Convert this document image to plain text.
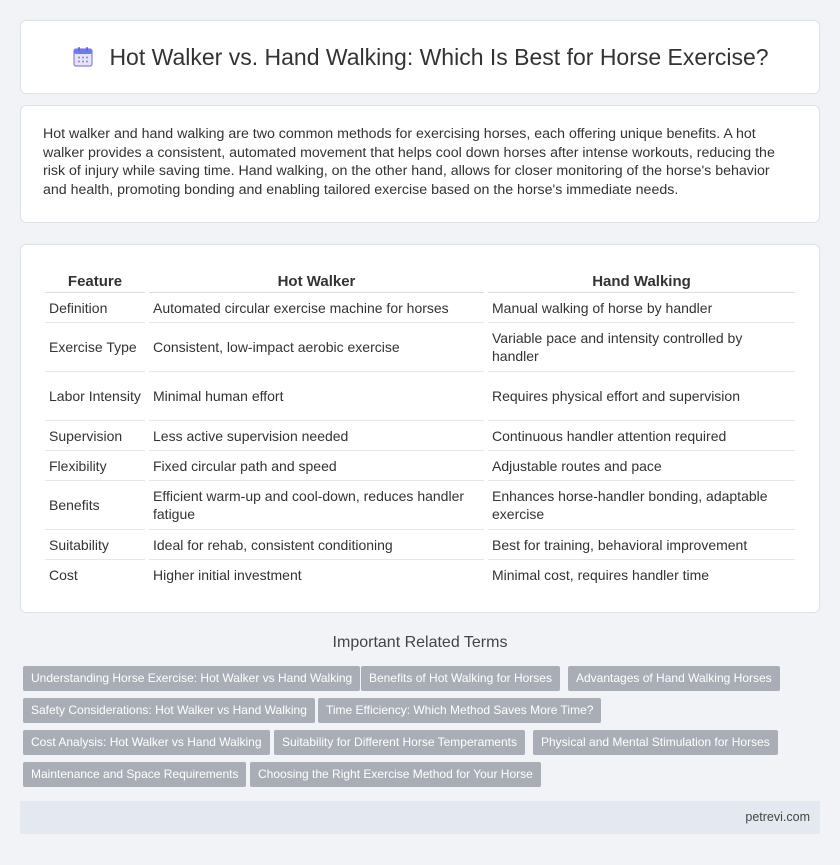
Hot Walker vs. Hand Walking: Which Is Best for Horse Exercise?

Hot walker and hand walking are two common methods for exercising horses, each offering unique benefits. A hot walker provides a consistent, automated movement that helps cool down horses after intense workouts, reducing the risk of injury while saving time. Hand walking, on the other hand, allows for closer monitoring of the horse's behavior and health, promoting bonding and enabling tailored exercise based on the horse's immediate needs.

Feature	Hot Walker	Hand Walking
Definition	Automated circular exercise machine for horses	Manual walking of horse by handler
Exercise Type	Consistent, low-impact aerobic exercise	Variable pace and intensity controlled by handler
Labor Intensity	Minimal human effort	Requires physical effort and supervision
Supervision	Less active supervision needed	Continuous handler attention required
Flexibility	Fixed circular path and speed	Adjustable routes and pace
Benefits	Efficient warm-up and cool-down, reduces handler fatigue	Enhances horse-handler bonding, adaptable exercise
Suitability	Ideal for rehab, consistent conditioning	Best for training, behavioral improvement
Cost	Higher initial investment	Minimal cost, requires handler time
Important Related Terms
Understanding Horse Exercise: Hot Walker vs Hand Walking	Benefits of Hot Walking for Horses	Advantages of Hand Walking Horses
Safety Considerations: Hot Walker vs Hand Walking	Time Efficiency: Which Method Saves More Time?
Cost Analysis: Hot Walker vs Hand Walking	Suitability for Different Horse Temperaments	Physical and Mental Stimulation for Horses
Maintenance and Space Requirements	Choosing the Right Exercise Method for Your Horse
petrevi.com
